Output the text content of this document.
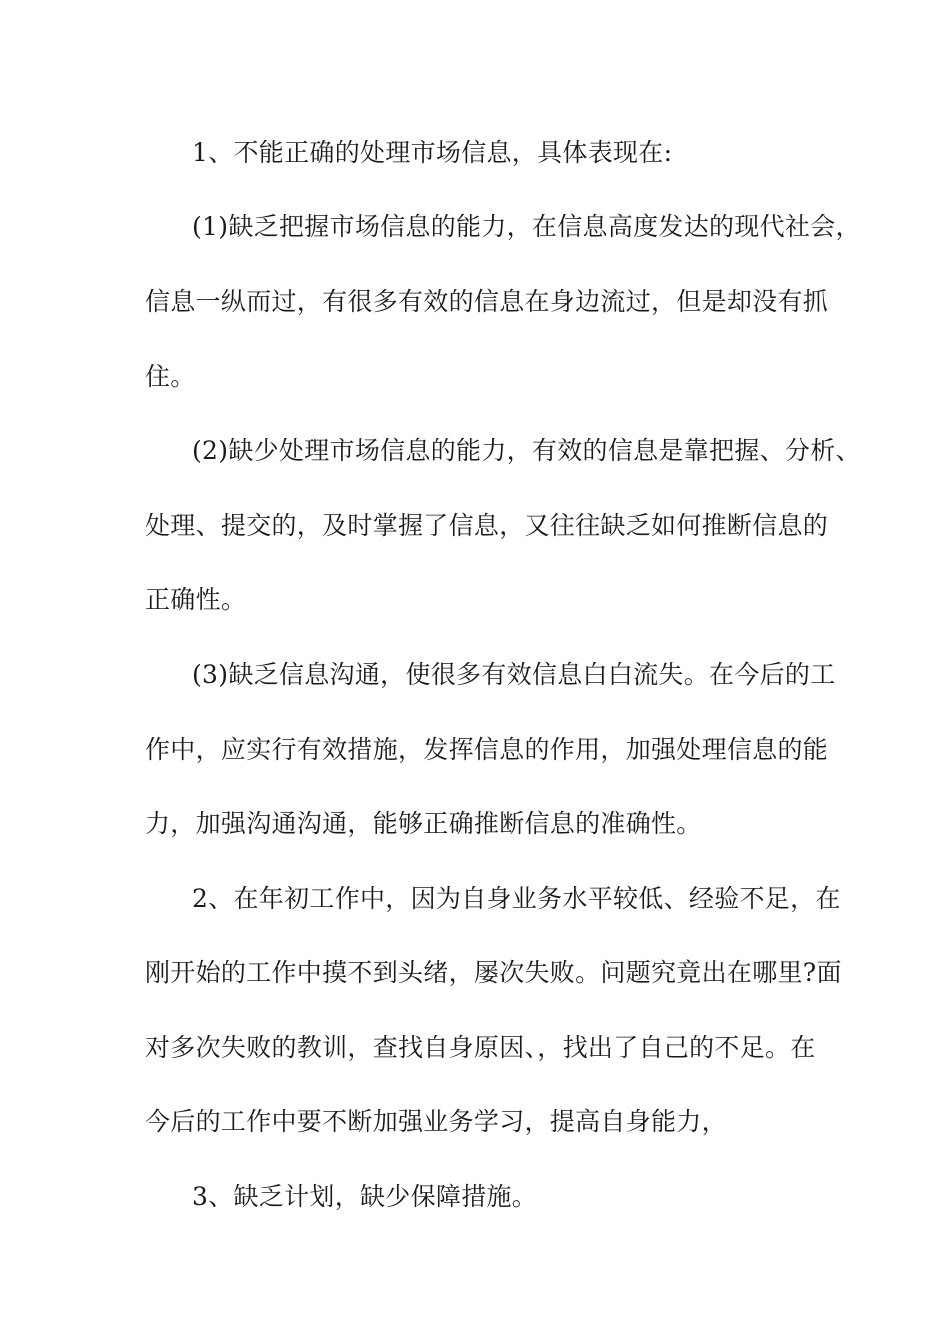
1、不能正确的处理市场信息，具体表现在:
(1)缺乏把握市场信息的能力，在信息高度发达的现代社会，
信息一纵而过，有很多有效的信息在身边流过，但是却没有抓
住。
(2)缺少处理市场信息的能力，有效的信息是靠把握、分析、
处理、提交的，及时掌握了信息，又往往缺乏如何推断信息的
正确性。
(3)缺乏信息沟通，使很多有效信息白白流失。在今后的工
作中，应实行有效措施，发挥信息的作用，加强处理信息的能
力，加强沟通沟通，能够正确推断信息的准确性。
2、在年初工作中，因为自身业务水平较低、经验不足，在
刚开始的工作中摸不到头绪，屡次失败。问题究竟出在哪里?面
对多次失败的教训，查找自身原因、，找出了自己的不足。在
今后的工作中要不断加强业务学习，提高自身能力，
3、缺乏计划，缺少保障措施。
